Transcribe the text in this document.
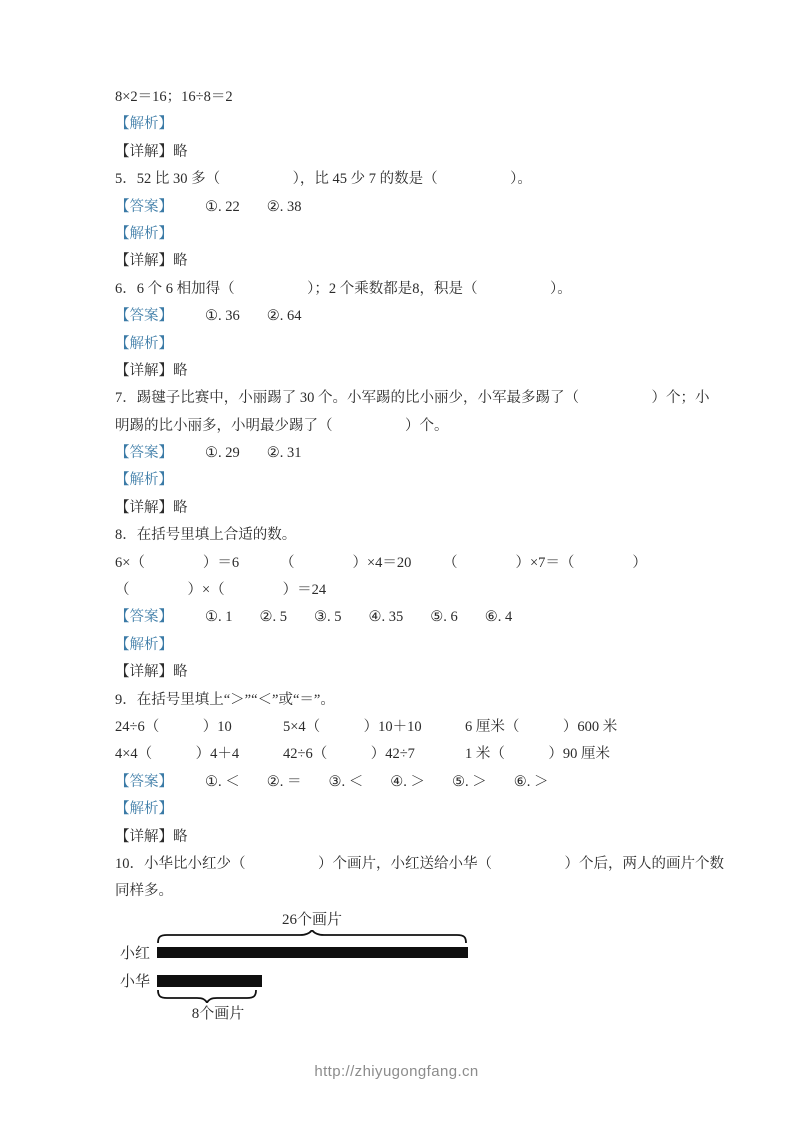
8×2＝16；16÷8＝2

【解析】

【详解】略

5．52 比 30 多（　　　　　），比 45 少 7 的数是（　　　　　）。

【答案】 ①. 22 ②. 38

【解析】

【详解】略

6．6 个 6 相加得（　　　　　）；2 个乘数都是8，积是（　　　　　）。

【答案】 ①. 36 ②. 64

【解析】

【详解】略

7．踢毽子比赛中，小丽踢了 30 个。小军踢的比小丽少，小军最多踢了（　　　　　）个；小

明踢的比小丽多，小明最少踢了（　　　　　）个。

【答案】 ①. 29 ②. 31

【解析】

【详解】略

8．在括号里填上合适的数。

6×（　　　　）＝6	（　　　　）×4＝20	（　　　　）×7＝（　　　　）

（　　　　）×（　　　　）＝24

【答案】 ①. 1 ②. 5 ③. 5 ④. 35 ⑤. 6 ⑥. 4

【解析】

【详解】略

9．在括号里填上“＞”“＜”或“＝”。

24÷6（　　　）10	5×4（　　　）10＋10	6 厘米（　　　）600 米
4×4（　　　）4＋4	42÷6（　　　）42÷7	1 米（　　　）90 厘米
【答案】 ①. ＜ ②. ＝ ③. ＜ ④. ＞ ⑤. ＞ ⑥. ＞

【解析】

【详解】略

10．小华比小红少（　　　　　）个画片，小红送给小华（　　　　　）个后，两人的画片个数

同样多。

26个画片
小红
小华
8个画片
http://zhiyugongfang.cn
